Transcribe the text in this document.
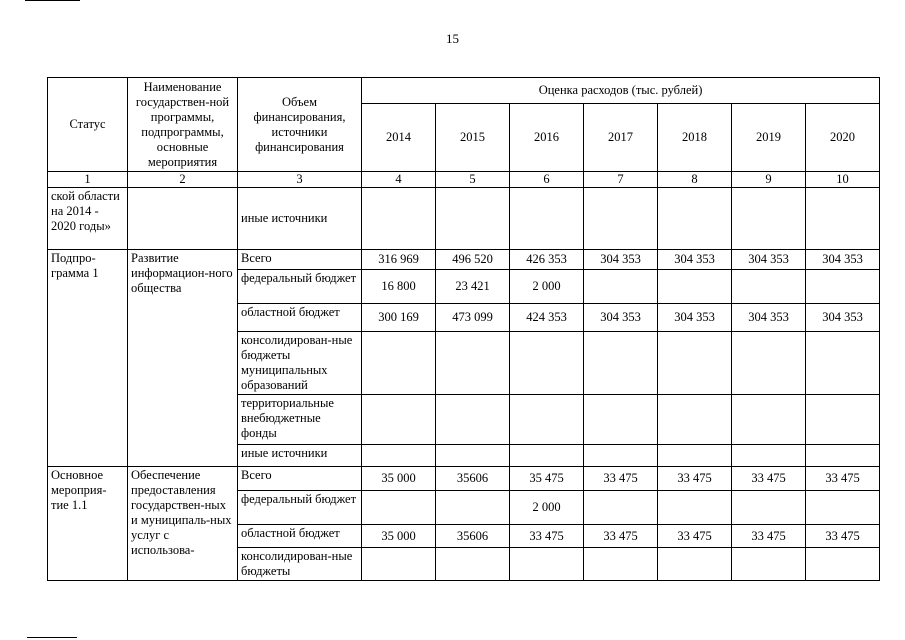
15
Статус	Наименование государствен-ной программы, подпрограммы, основные мероприятия	Объем финансирования, источники финансирования	Оценка расходов (тыс. рублей)						
			2014	2015	2016	2017	2018	2019	2020
1	2	3	4	5	6	7	8	9	10
ской области на 2014 - 2020 годы»		иные источники							
Подпро-грамма 1	Развитие информацион-ного общества	Всего	316 969	496 520	426 353	304 353	304 353	304 353	304 353
		федеральный бюджет	16 800	23 421	2 000				
		областной бюджет	300 169	473 099	424 353	304 353	304 353	304 353	304 353
		консолидирован-ные бюджеты муниципальных образований							
		территориальные внебюджетные фонды							
		иные источники							
Основное мероприя-тие 1.1	Обеспечение предоставления государствен-ных и муниципаль-ных услуг с использова-	Всего	35 000	35606	35 475	33 475	33 475	33 475	33 475
		федеральный бюджет			2 000				
		областной бюджет	35 000	35606	33 475	33 475	33 475	33 475	33 475
		консолидирован-ные бюджеты							
